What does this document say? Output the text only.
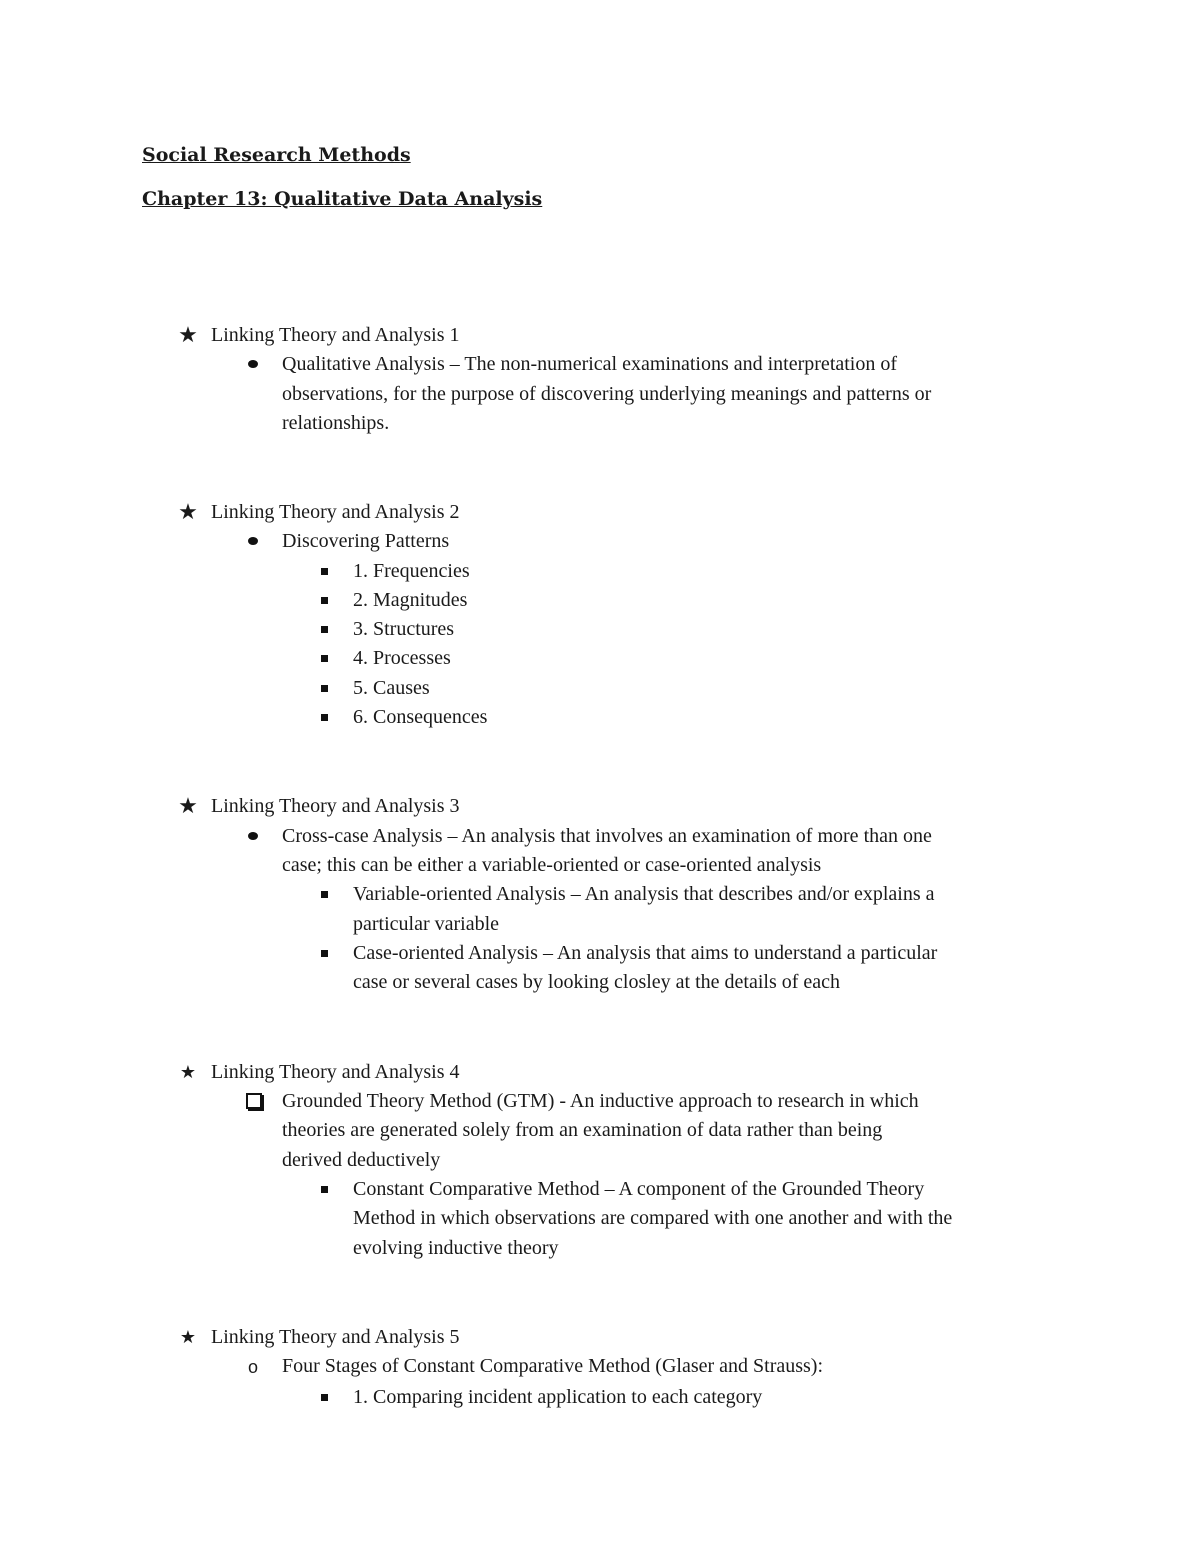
Social Research Methods

Chapter 13: Qualitative Data Analysis

★ Linking Theory and Analysis 1

Qualitative Analysis – The non-numerical examinations and interpretation of

observations, for the purpose of discovering underlying meanings and patterns or

relationships.

★ Linking Theory and Analysis 2

Discovering Patterns

1. Frequencies

2. Magnitudes

3. Structures

4. Processes

5. Causes

6. Consequences

★ Linking Theory and Analysis 3

Cross-case Analysis – An analysis that involves an examination of more than one

case; this can be either a variable-oriented or case-oriented analysis

Variable-oriented Analysis – An analysis that describes and/or explains a

particular variable

Case-oriented Analysis – An analysis that aims to understand a particular

case or several cases by looking closley at the details of each

★ Linking Theory and Analysis 4

Grounded Theory Method (GTM) - An inductive approach to research in which

theories are generated solely from an examination of data rather than being

derived deductively

Constant Comparative Method – A component of the Grounded Theory

Method in which observations are compared with one another and with the

evolving inductive theory

★ Linking Theory and Analysis 5

o Four Stages of Constant Comparative Method (Glaser and Strauss):

1. Comparing incident application to each category
